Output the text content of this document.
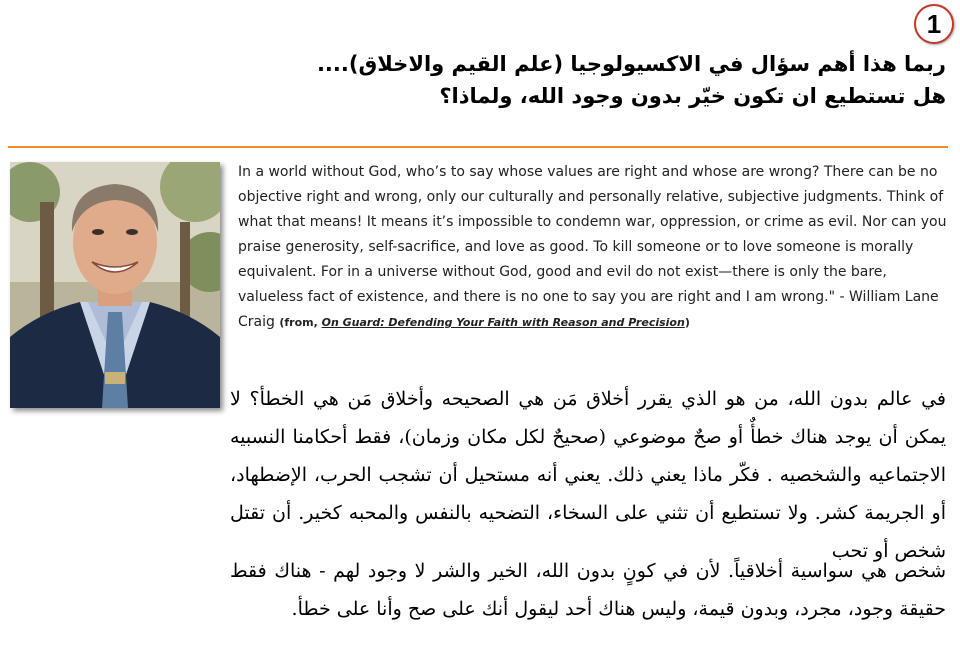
1
ربما هذا أهم سؤال في الاكسيولوجيا (علم القيم والاخلاق)....
هل تستطيع ان تكون خيّر بدون وجود الله، ولماذا؟
In a world without God, who’s to say whose values are right and whose are wrong? There can be no objective right and wrong, only our culturally and personally relative, subjective judgments. Think of what that means! It means it’s impossible to condemn war, oppression, or crime as evil. Nor can you praise generosity, self-sacrifice, and love as good. To kill someone or to love someone is morally equivalent. For in a universe without God, good and evil do not exist—there is only the bare, valueless fact of existence, and there is no one to say you are right and I am wrong." - William Lane Craig (from, On Guard: Defending Your Faith with Reason and Precision)
في عالم بدون الله، من هو الذي يقرر أخلاق مَن هي الصحيحه وأخلاق مَن هي الخطأ؟ لا يمكن أن يوجد هناك خطأٌ أو صحٌ موضوعي (صحيحٌ لكل مكان وزمان)، فقط أحكامنا النسبيه الاجتماعيه والشخصيه . فكّر ماذا يعني ذلك. يعني أنه مستحيل أن تشجب الحرب، الإضطهاد، أو الجريمة كشر. ولا تستطيع أن تثني على السخاء، التضحيه بالنفس والمحبه كخير. أن تقتل شخص أو تحب
شخص هي سواسية أخلاقياً. لأن في كونٍ بدون الله، الخير والشر لا وجود لهم - هناك فقط حقيقة وجود، مجرد، وبدون قيمة، وليس هناك أحد ليقول أنك على صح وأنا على خطأ.
